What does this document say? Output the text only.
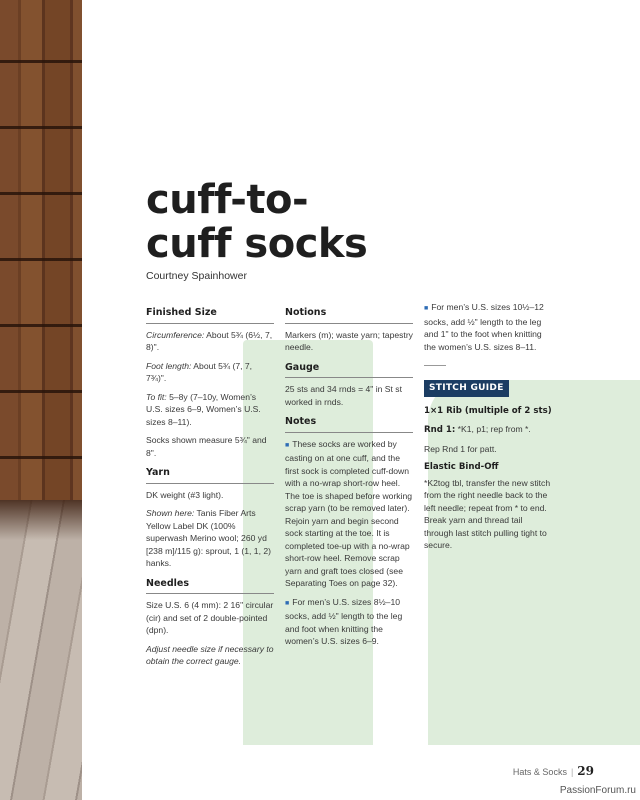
cuff-to-
cuff socks
Courtney Spainhower
Finished Size

Circumference: About 5¾ (6½, 7, 8)".

Foot length: About 5¾ (7, 7, 7¾)".

To fit: 5–8y (7–10y, Women’s U.S. sizes 6–9, Women’s U.S. sizes 8–11).

Socks shown measure 5¾" and 8".

Yarn

DK weight (#3 light).

Shown here: Tanis Fiber Arts Yellow Label DK (100% superwash Merino wool; 260 yd [238 m]/115 g): sprout, 1 (1, 1, 2) hanks.

Needles

Size U.S. 6 (4 mm): 2 16" circular (cir) and set of 2 double-pointed (dpn).

Adjust needle size if necessary to obtain the correct gauge.

Notions

Markers (m); waste yarn; tapestry needle.

Gauge

25 sts and 34 rnds = 4" in St st worked in rnds.

Notes

■ These socks are worked by casting on at one cuff, and the first sock is completed cuff-down with a no-wrap short-row heel. The toe is shaped before working scrap yarn (to be removed later). Rejoin yarn and begin second sock starting at the toe. It is completed toe-up with a no-wrap short-row heel. Remove scrap yarn and graft toes closed (see Separating Toes on page 32).

■ For men’s U.S. sizes 8½–10 socks, add ½" length to the leg and foot when knitting the women’s U.S. sizes 6–9.

■ For men’s U.S. sizes 10½–12 socks, add ½" length to the leg and 1" to the foot when knitting the women’s U.S. sizes 8–11.

STITCH GUIDE

1×1 Rib (multiple of 2 sts)

Rnd 1: *K1, p1; rep from *.

Rep Rnd 1 for patt.

Elastic Bind-Off

*K2tog tbl, transfer the new stitch from the right needle back to the left needle; repeat from * to end. Break yarn and thread tail through last stitch pulling tight to secure.

Hats & Socks | 29
PassionForum.ru
